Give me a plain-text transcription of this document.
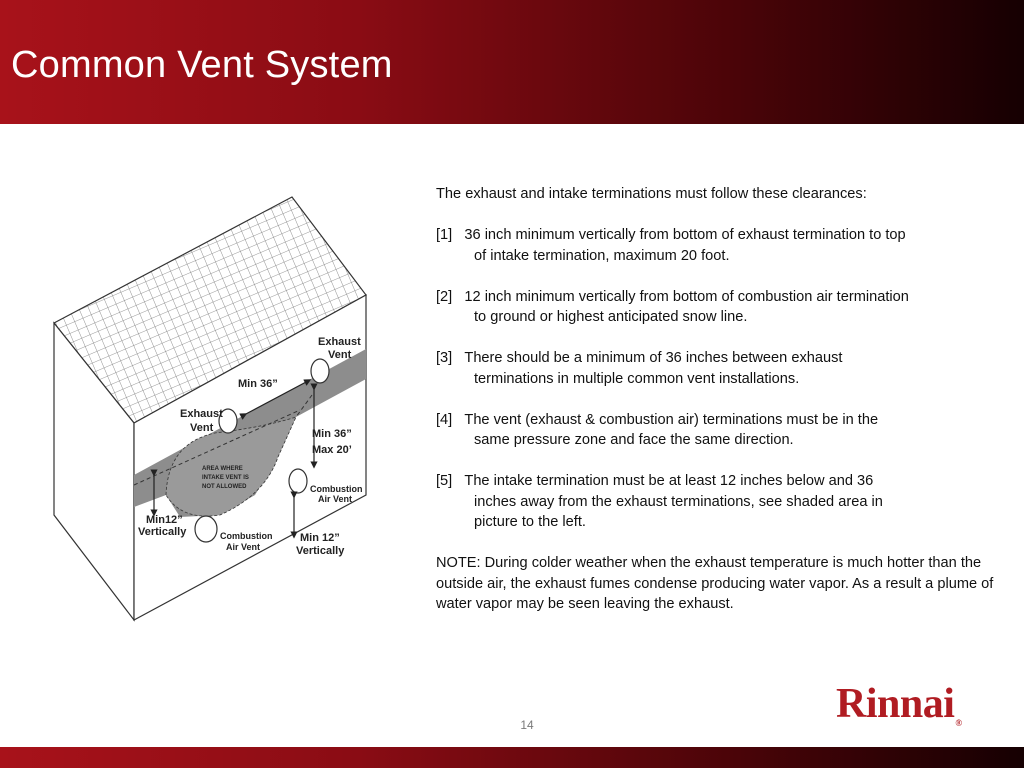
Common Vent System
Exhaust
Vent
Min 36”
Exhaust
Vent	Min 36”
Max 20’
AREA WHERE
INTAKE VENT IS
NOT ALLOWED	Combustion
Air Vent
Combustion
Air Vent
Min12”
Vertically	Min 12”
Vertically

The exhaust and intake terminations must follow these clearances:

[1] 36 inch minimum vertically from bottom of exhaust termination to top
of intake termination, maximum 20 foot.
[2] 12 inch minimum vertically from bottom of combustion air termination
to ground or highest anticipated snow line.
[3] There should be a minimum of 36 inches between exhaust
terminations in multiple common vent installations.
[4] The vent (exhaust & combustion air) terminations must be in the
same pressure zone and face the same direction.
[5] The intake termination must be at least 12 inches below and 36
inches away from the exhaust terminations, see shaded area in
picture to the left.

NOTE: During colder weather when the exhaust temperature is much hotter than the outside air, the exhaust fumes condense producing water vapor. As a result a plume of water vapor may be seen leaving the exhaust.

14	Rinnai®
